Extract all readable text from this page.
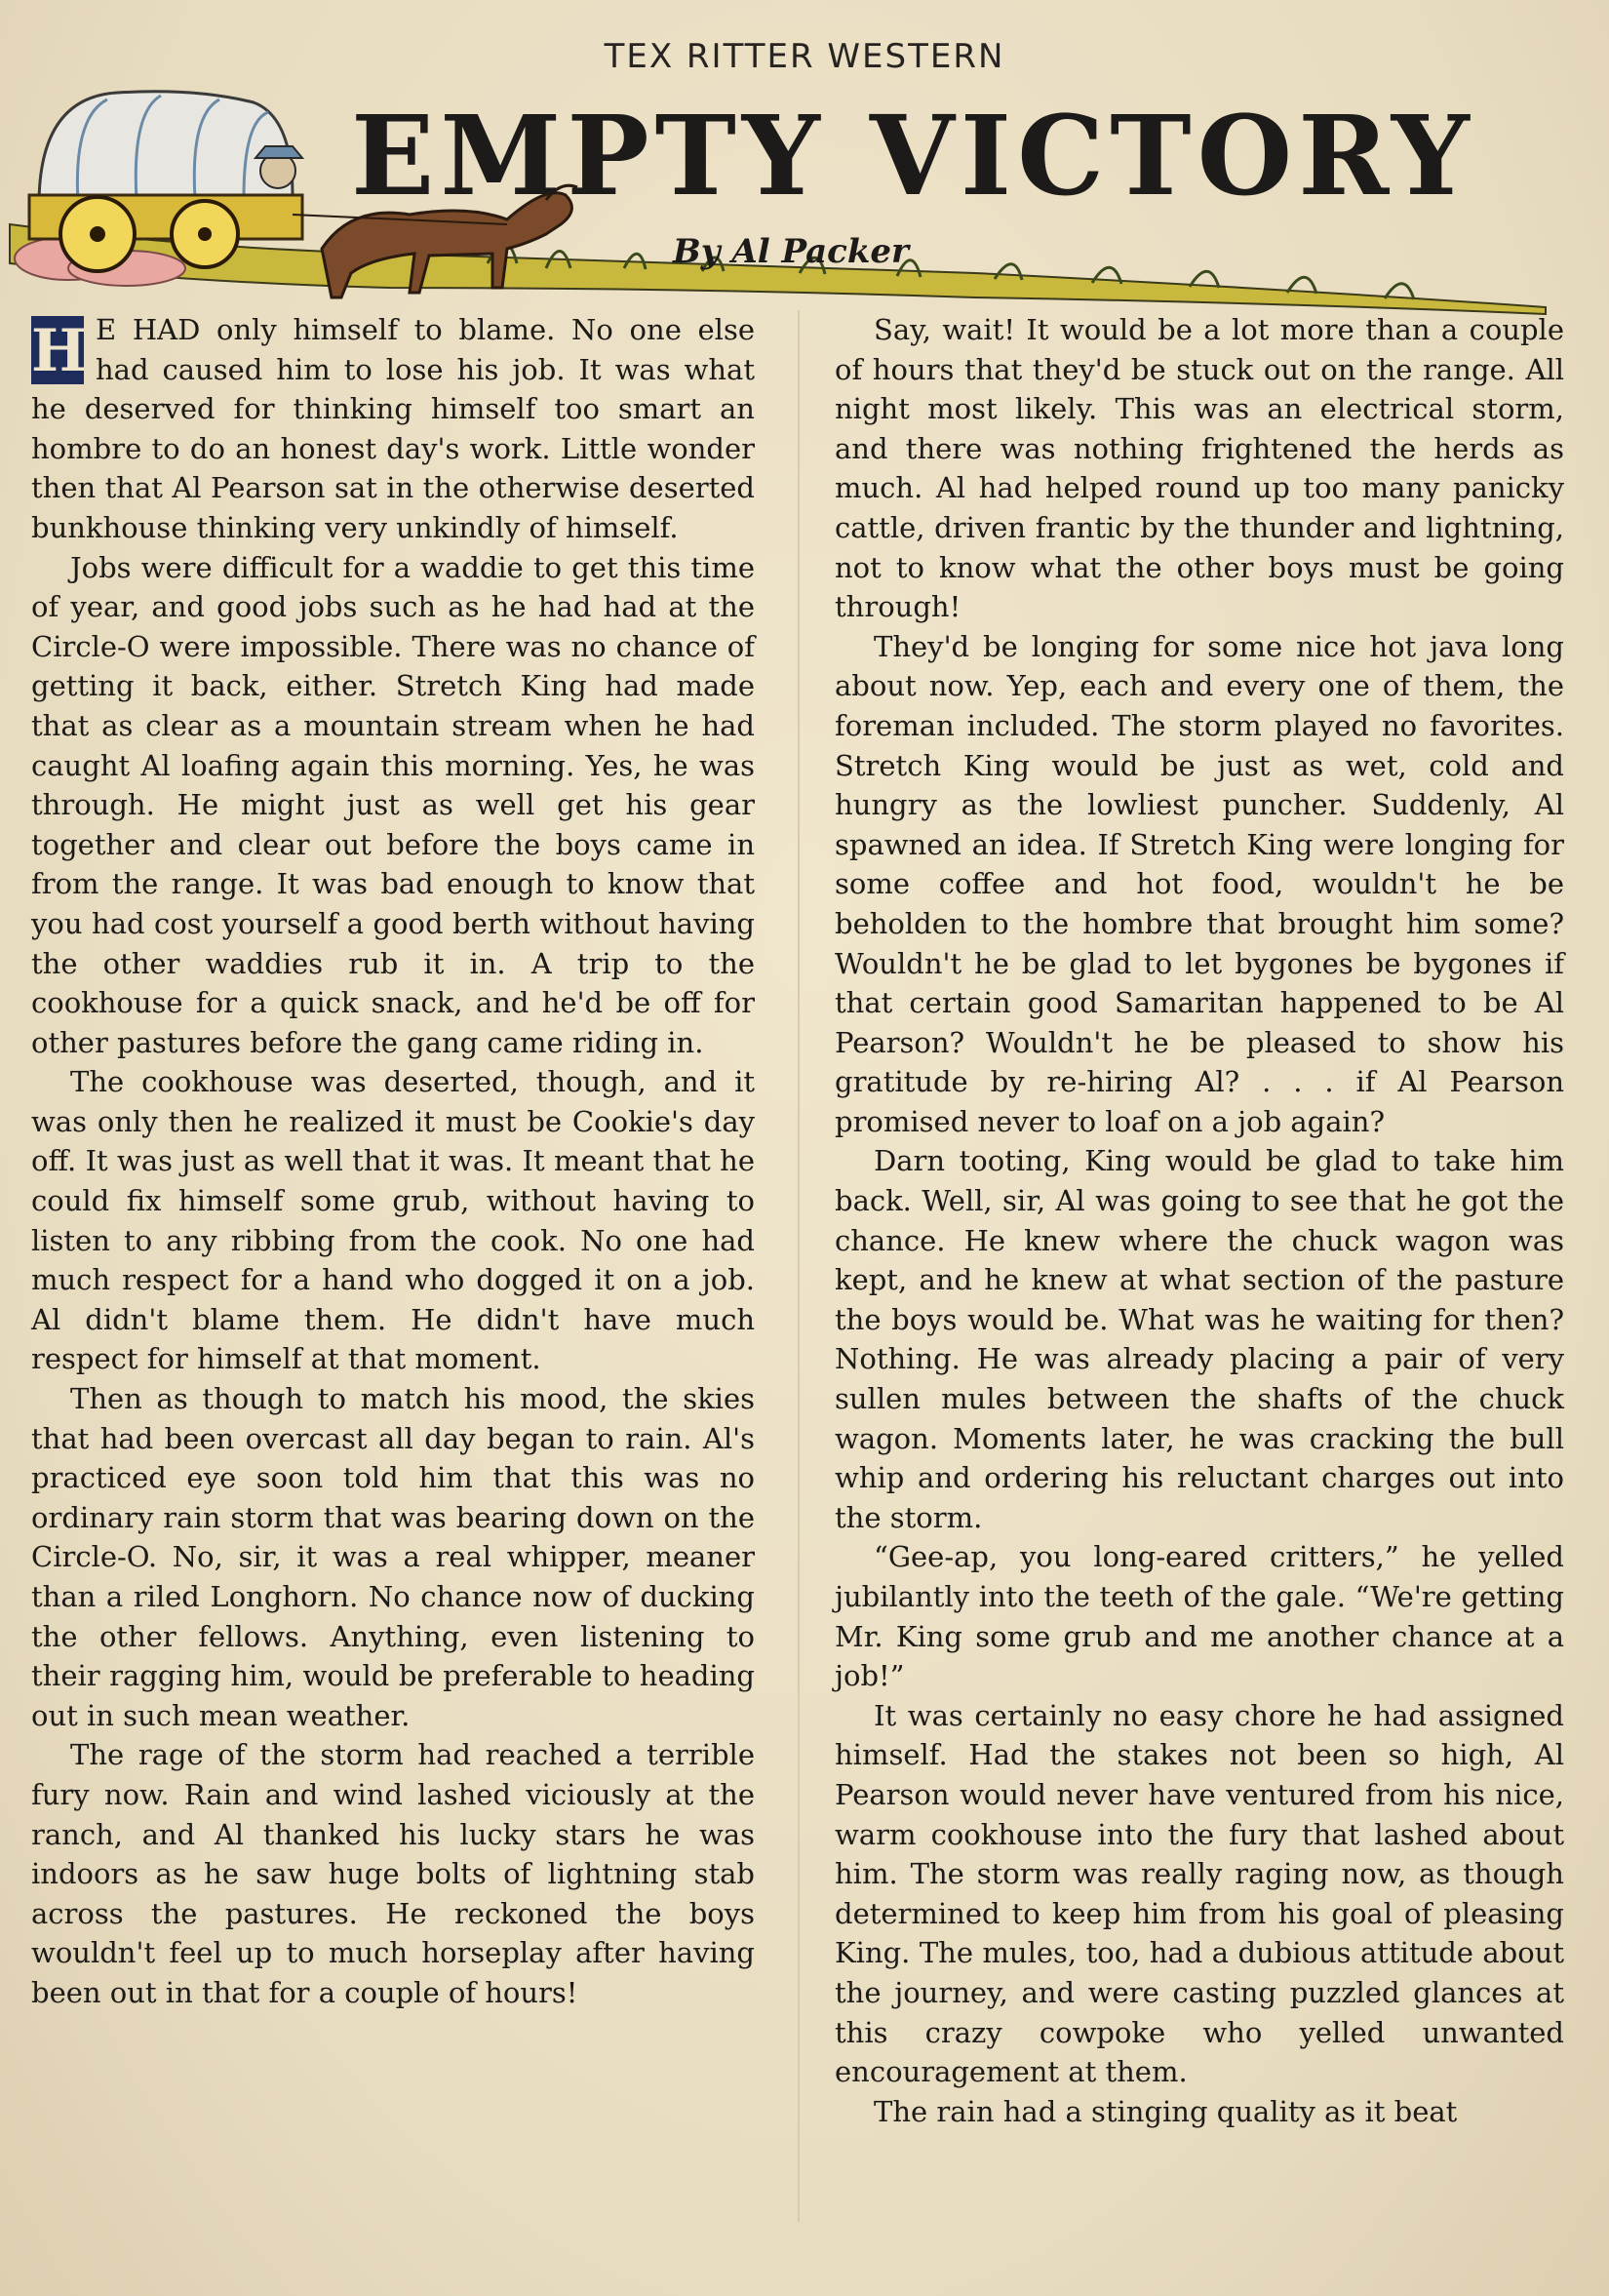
TEX RITTER WESTERN
EMPTY VICTORY
By Al Packer

H E HAD only himself to blame. No one else had caused him to lose his job. It was what he deserved for thinking himself too smart an hombre to do an honest day's work. Little wonder then that Al Pearson sat in the otherwise deserted bunkhouse thinking very unkindly of himself.

Jobs were difficult for a waddie to get this time of year, and good jobs such as he had had at the Circle-O were impossible. There was no chance of getting it back, either. Stretch King had made that as clear as a mountain stream when he had caught Al loafing again this morning. Yes, he was through. He might just as well get his gear together and clear out before the boys came in from the range. It was bad enough to know that you had cost yourself a good berth without having the other waddies rub it in. A trip to the cookhouse for a quick snack, and he'd be off for other pastures before the gang came riding in.

The cookhouse was deserted, though, and it was only then he realized it must be Cookie's day off. It was just as well that it was. It meant that he could fix himself some grub, without having to listen to any ribbing from the cook. No one had much respect for a hand who dogged it on a job. Al didn't blame them. He didn't have much respect for himself at that moment.

Then as though to match his mood, the skies that had been overcast all day began to rain. Al's practiced eye soon told him that this was no ordinary rain storm that was bearing down on the Circle-O. No, sir, it was a real whipper, meaner than a riled Longhorn. No chance now of ducking the other fellows. Anything, even listening to their ragging him, would be preferable to heading out in such mean weather.

The rage of the storm had reached a terrible fury now. Rain and wind lashed viciously at the ranch, and Al thanked his lucky stars he was indoors as he saw huge bolts of lightning stab across the pastures. He reckoned the boys wouldn't feel up to much horseplay after having been out in that for a couple of hours!

Say, wait! It would be a lot more than a couple of hours that they'd be stuck out on the range. All night most likely. This was an electrical storm, and there was nothing frightened the herds as much. Al had helped round up too many panicky cattle, driven frantic by the thunder and lightning, not to know what the other boys must be going through!

They'd be longing for some nice hot java long about now. Yep, each and every one of them, the foreman included. The storm played no favorites. Stretch King would be just as wet, cold and hungry as the lowliest puncher. Suddenly, Al spawned an idea. If Stretch King were longing for some coffee and hot food, wouldn't he be beholden to the hombre that brought him some? Wouldn't he be glad to let bygones be bygones if that certain good Samaritan happened to be Al Pearson? Wouldn't he be pleased to show his gratitude by re-hiring Al? . . . if Al Pearson promised never to loaf on a job again?

Darn tooting, King would be glad to take him back. Well, sir, Al was going to see that he got the chance. He knew where the chuck wagon was kept, and he knew at what section of the pasture the boys would be. What was he waiting for then? Nothing. He was already placing a pair of very sullen mules between the shafts of the chuck wagon. Moments later, he was cracking the bull whip and ordering his reluctant charges out into the storm.

“Gee-ap, you long-eared critters,” he yelled jubilantly into the teeth of the gale. “We're getting Mr. King some grub and me another chance at a job!”

It was certainly no easy chore he had assigned himself. Had the stakes not been so high, Al Pearson would never have ventured from his nice, warm cookhouse into the fury that lashed about him. The storm was really raging now, as though determined to keep him from his goal of pleasing King. The mules, too, had a dubious attitude about the journey, and were casting puzzled glances at this crazy cowpoke who yelled unwanted encouragement at them.

The rain had a stinging quality as it beat
